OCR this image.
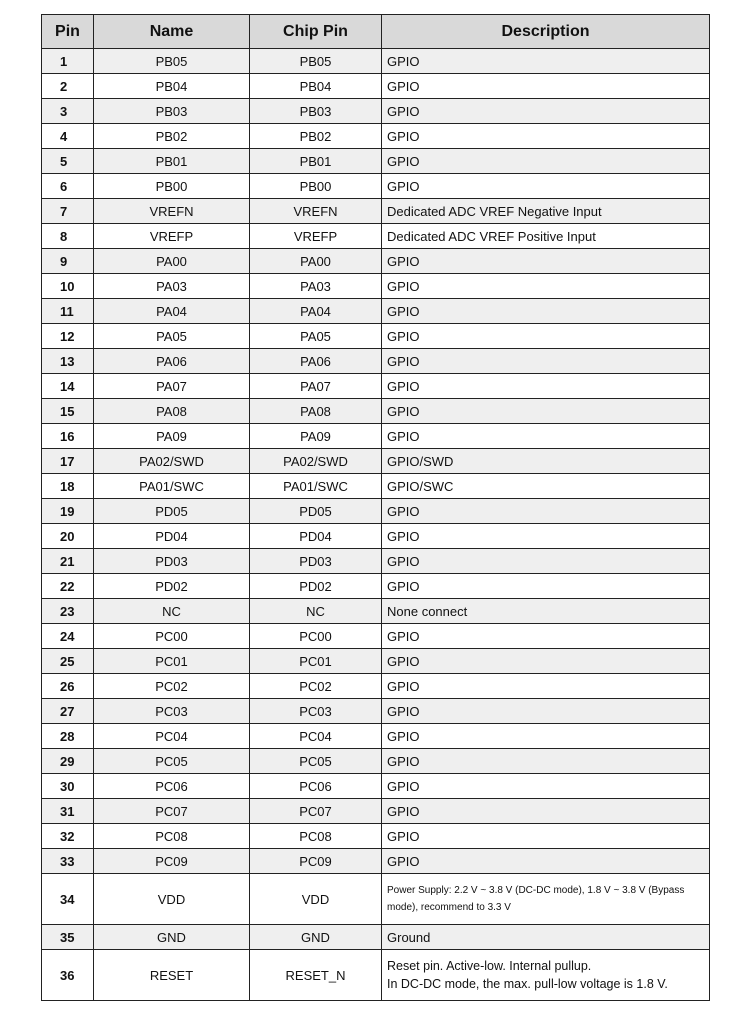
Pin	Name	Chip Pin	Description
1	PB05	PB05	GPIO
2	PB04	PB04	GPIO
3	PB03	PB03	GPIO
4	PB02	PB02	GPIO
5	PB01	PB01	GPIO
6	PB00	PB00	GPIO
7	VREFN	VREFN	Dedicated ADC VREF Negative Input
8	VREFP	VREFP	Dedicated ADC VREF Positive Input
9	PA00	PA00	GPIO
10	PA03	PA03	GPIO
11	PA04	PA04	GPIO
12	PA05	PA05	GPIO
13	PA06	PA06	GPIO
14	PA07	PA07	GPIO
15	PA08	PA08	GPIO
16	PA09	PA09	GPIO
17	PA02/SWD	PA02/SWD	GPIO/SWD
18	PA01/SWC	PA01/SWC	GPIO/SWC
19	PD05	PD05	GPIO
20	PD04	PD04	GPIO
21	PD03	PD03	GPIO
22	PD02	PD02	GPIO
23	NC	NC	None connect
24	PC00	PC00	GPIO
25	PC01	PC01	GPIO
26	PC02	PC02	GPIO
27	PC03	PC03	GPIO
28	PC04	PC04	GPIO
29	PC05	PC05	GPIO
30	PC06	PC06	GPIO
31	PC07	PC07	GPIO
32	PC08	PC08	GPIO
33	PC09	PC09	GPIO
34	VDD	VDD	Power Supply: 2.2 V ~ 3.8 V (DC-DC mode), 1.8 V ~ 3.8 V (Bypass mode), recommend to 3.3 V
35	GND	GND	Ground
36	RESET	RESET_N	Reset pin. Active-low. Internal pullup.
In DC-DC mode, the max. pull-low voltage is 1.8 V.
